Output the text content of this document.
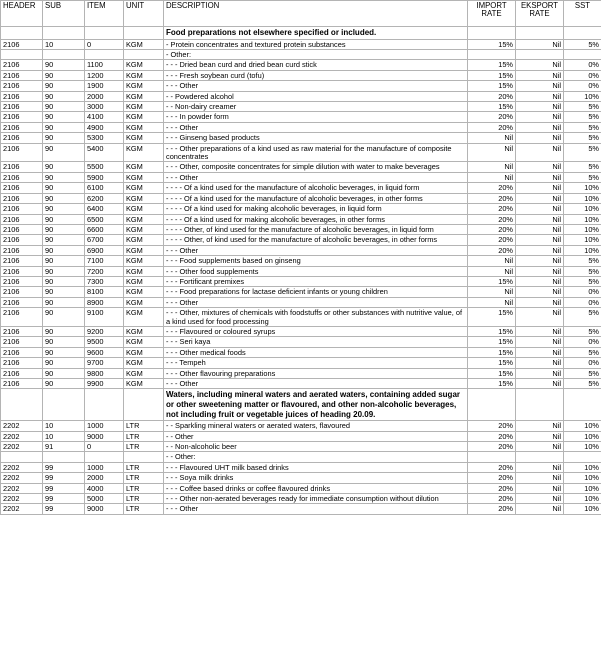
HEADER	SUB	ITEM	UNIT	DESCRIPTION	IMPORT RATE	EKSPORT RATE	SST
				Food preparations not elsewhere specified or included.			
2106	10	0	KGM	- Protein concentrates and textured protein substances	15%	Nil	5%
				- Other:			
2106	90	1100	KGM	- - - Dried bean curd and dried bean curd stick	15%	Nil	0%
2106	90	1200	KGM	- - - Fresh soybean curd (tofu)	15%	Nil	0%
2106	90	1900	KGM	- - - Other	15%	Nil	0%
2106	90	2000	KGM	- - Powdered alcohol	20%	Nil	10%
2106	90	3000	KGM	- - Non-dairy creamer	15%	Nil	5%
2106	90	4100	KGM	- - - In powder form	20%	Nil	5%
2106	90	4900	KGM	- - - Other	20%	Nil	5%
2106	90	5300	KGM	- - - Ginseng based products	Nil	Nil	5%
2106	90	5400	KGM	- - - Other preparations of a kind used as raw material for the manufacture of composite concentrates	Nil	Nil	5%
2106	90	5500	KGM	- - - Other, composite concentrates for simple dilution with water to make beverages	Nil	Nil	5%
2106	90	5900	KGM	- - - Other	Nil	Nil	5%
2106	90	6100	KGM	- - - - Of a kind used for the manufacture of alcoholic beverages, in liquid form	20%	Nil	10%
2106	90	6200	KGM	- - - - Of a kind used for the manufacture of alcoholic beverages, in other forms	20%	Nil	10%
2106	90	6400	KGM	- - - - Of a kind used for making alcoholic beverages, in liquid form	20%	Nil	10%
2106	90	6500	KGM	- - - - Of a kind used for making alcoholic beverages, in other forms	20%	Nil	10%
2106	90	6600	KGM	- - - - Other, of kind used for the manufacture of alcoholic beverages, in liquid form	20%	Nil	10%
2106	90	6700	KGM	- - - - Other, of kind used for the manufacture of alcoholic beverages, in other forms	20%	Nil	10%
2106	90	6900	KGM	- - - Other	20%	Nil	10%
2106	90	7100	KGM	- - - Food supplements based on ginseng	Nil	Nil	5%
2106	90	7200	KGM	- - - Other food supplements	Nil	Nil	5%
2106	90	7300	KGM	- - - Fortificant premixes	15%	Nil	5%
2106	90	8100	KGM	- - - Food preparations for lactase deficient infants or young children	Nil	Nil	0%
2106	90	8900	KGM	- - - Other	Nil	Nil	0%
2106	90	9100	KGM	- - - Other, mixtures of chemicals with foodstuffs or other substances with nutritive value, of a kind used for food processing	15%	Nil	5%
2106	90	9200	KGM	- - - Flavoured or coloured syrups	15%	Nil	5%
2106	90	9500	KGM	- - - Seri kaya	15%	Nil	0%
2106	90	9600	KGM	- - - Other medical foods	15%	Nil	5%
2106	90	9700	KGM	- - - Tempeh	15%	Nil	0%
2106	90	9800	KGM	- - - Other flavouring preparations	15%	Nil	5%
2106	90	9900	KGM	- - - Other	15%	Nil	5%
				Waters, including mineral waters and aerated waters, containing added sugar or other sweetening matter or flavoured, and other non-alcoholic beverages, not including fruit or vegetable juices of heading 20.09.			
2202	10	1000	LTR	- - Sparkling mineral waters or aerated waters, flavoured	20%	Nil	10%
2202	10	9000	LTR	- - Other	20%	Nil	10%
2202	91	0	LTR	- - Non-alcoholic beer	20%	Nil	10%
				- - Other:			
2202	99	1000	LTR	- - - Flavoured UHT milk based drinks	20%	Nil	10%
2202	99	2000	LTR	- - - Soya milk drinks	20%	Nil	10%
2202	99	4000	LTR	- - - Coffee based drinks or coffee flavoured drinks	20%	Nil	10%
2202	99	5000	LTR	- - - Other non-aerated beverages ready for immediate consumption without dilution	20%	Nil	10%
2202	99	9000	LTR	- - - Other	20%	Nil	10%
